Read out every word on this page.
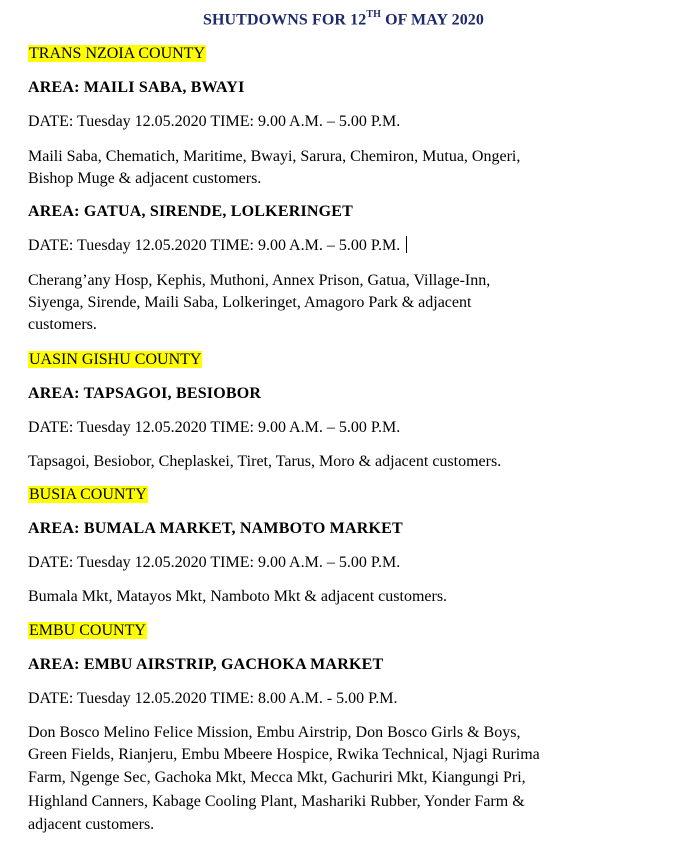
SHUTDOWNS FOR 12TH OF MAY 2020
TRANS NZOIA COUNTY
AREA: MAILI SABA, BWAYI
DATE: Tuesday 12.05.2020 TIME: 9.00 A.M. – 5.00 P.M.
Maili Saba, Chematich, Maritime, Bwayi, Sarura, Chemiron, Mutua, Ongeri,
Bishop Muge & adjacent customers.
AREA: GATUA, SIRENDE, LOLKERINGET
DATE: Tuesday 12.05.2020 TIME: 9.00 A.M. – 5.00 P.M.
Cherang’any Hosp, Kephis, Muthoni, Annex Prison, Gatua, Village-Inn,
Siyenga, Sirende, Maili Saba, Lolkeringet, Amagoro Park & adjacent
customers.
UASIN GISHU COUNTY
AREA: TAPSAGOI, BESIOBOR
DATE: Tuesday 12.05.2020 TIME: 9.00 A.M. – 5.00 P.M.
Tapsagoi, Besiobor, Cheplaskei, Tiret, Tarus, Moro & adjacent customers.
BUSIA COUNTY
AREA: BUMALA MARKET, NAMBOTO MARKET
DATE: Tuesday 12.05.2020 TIME: 9.00 A.M. – 5.00 P.M.
Bumala Mkt, Matayos Mkt, Namboto Mkt & adjacent customers.
EMBU COUNTY
AREA: EMBU AIRSTRIP, GACHOKA MARKET
DATE: Tuesday 12.05.2020 TIME: 8.00 A.M. - 5.00 P.M.
Don Bosco Melino Felice Mission, Embu Airstrip, Don Bosco Girls & Boys,
Green Fields, Rianjeru, Embu Mbeere Hospice, Rwika Technical, Njagi Rurima
Farm, Ngenge Sec, Gachoka Mkt, Mecca Mkt, Gachuriri Mkt, Kiangungi Pri,
Highland Canners, Kabage Cooling Plant, Mashariki Rubber, Yonder Farm &
adjacent customers.
